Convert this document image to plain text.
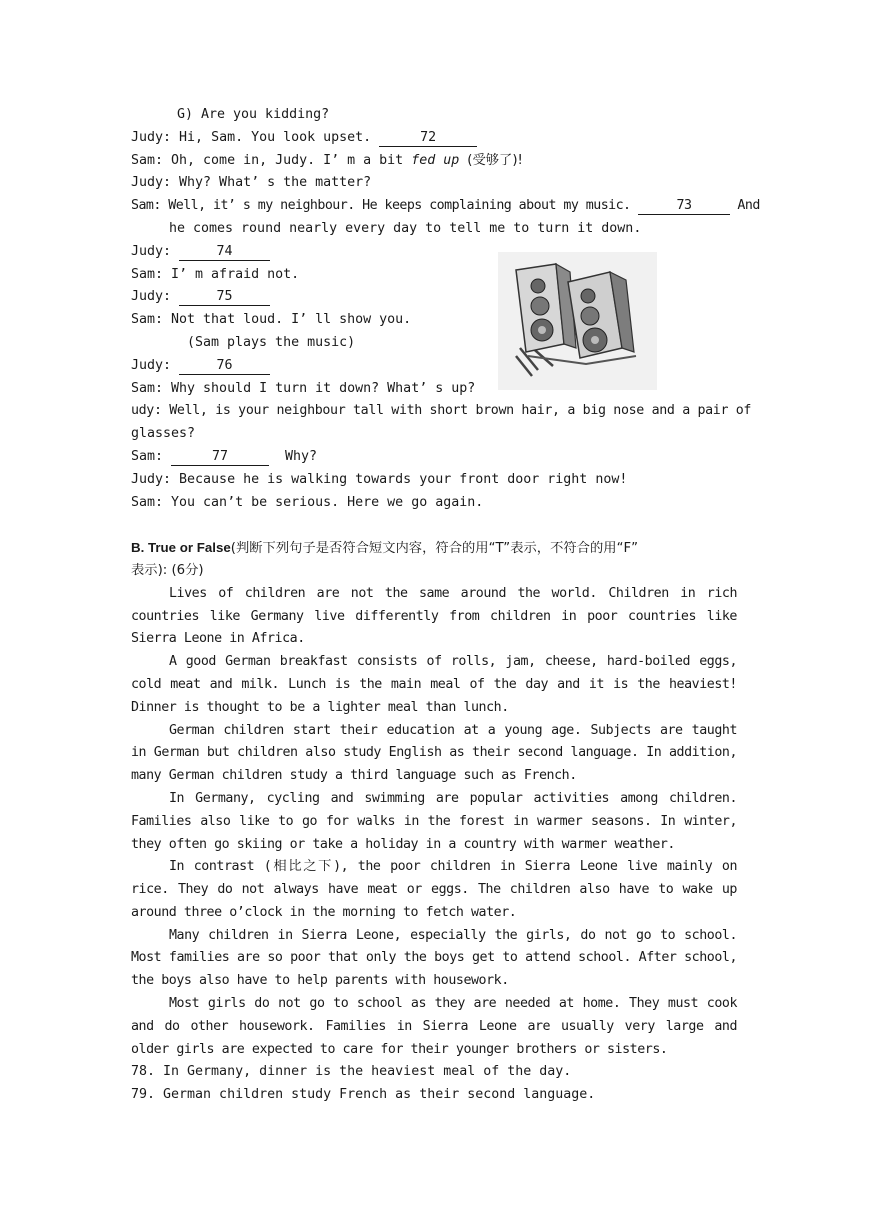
G) Are you kidding?
Judy: Hi, Sam. You look upset.	72
Sam: Oh, come in, Judy. I’ m a bit fed up (受够了)!
Judy: Why? What’ s the matter?
Sam: Well, it’ s my neighbour. He keeps complaining about my music.	73	And
he comes round nearly every day to tell me to turn it down.
Judy:	74
Sam: I’ m afraid not.
Judy:	75
Sam: Not that loud. I’ ll show you.
(Sam plays the music)
Judy:	76
Sam: Why should I turn it down? What’ s up?
udy: Well, is your neighbour tall with short brown hair, a big nose and a pair of
glasses?
Sam:	77	Why?
Judy: Because he is walking towards your front door right now!
Sam: You can’t be serious. Here we go again.
B. True or False(判断下列句子是否符合短文内容，符合的用“T”表示，不符合的用“F”
表示): (6分)
Lives of children are not the same around the world. Children in rich countries like Germany live differently from children in poor countries like Sierra Leone in Africa.
A good German breakfast consists of rolls, jam, cheese, hard-boiled eggs, cold meat and milk. Lunch is the main meal of the day and it is the heaviest! Dinner is thought to be a lighter meal than lunch.
German children start their education at a young age. Subjects are taught in German but children also study English as their second language. In addition, many German children study a third language such as French.
In Germany, cycling and swimming are popular activities among children. Families also like to go for walks in the forest in warmer seasons. In winter, they often go skiing or take a holiday in a country with warmer weather.
In contrast (相比之下), the poor children in Sierra Leone live mainly on rice. They do not always have meat or eggs. The children also have to wake up around three o’clock in the morning to fetch water.
Many children in Sierra Leone, especially the girls, do not go to school. Most families are so poor that only the boys get to attend school. After school, the boys also have to help parents with housework.
Most girls do not go to school as they are needed at home. They must cook and do other housework. Families in Sierra Leone are usually very large and older girls are expected to care for their younger brothers or sisters.
78. In Germany, dinner is the heaviest meal of the day.
79. German children study French as their second language.
